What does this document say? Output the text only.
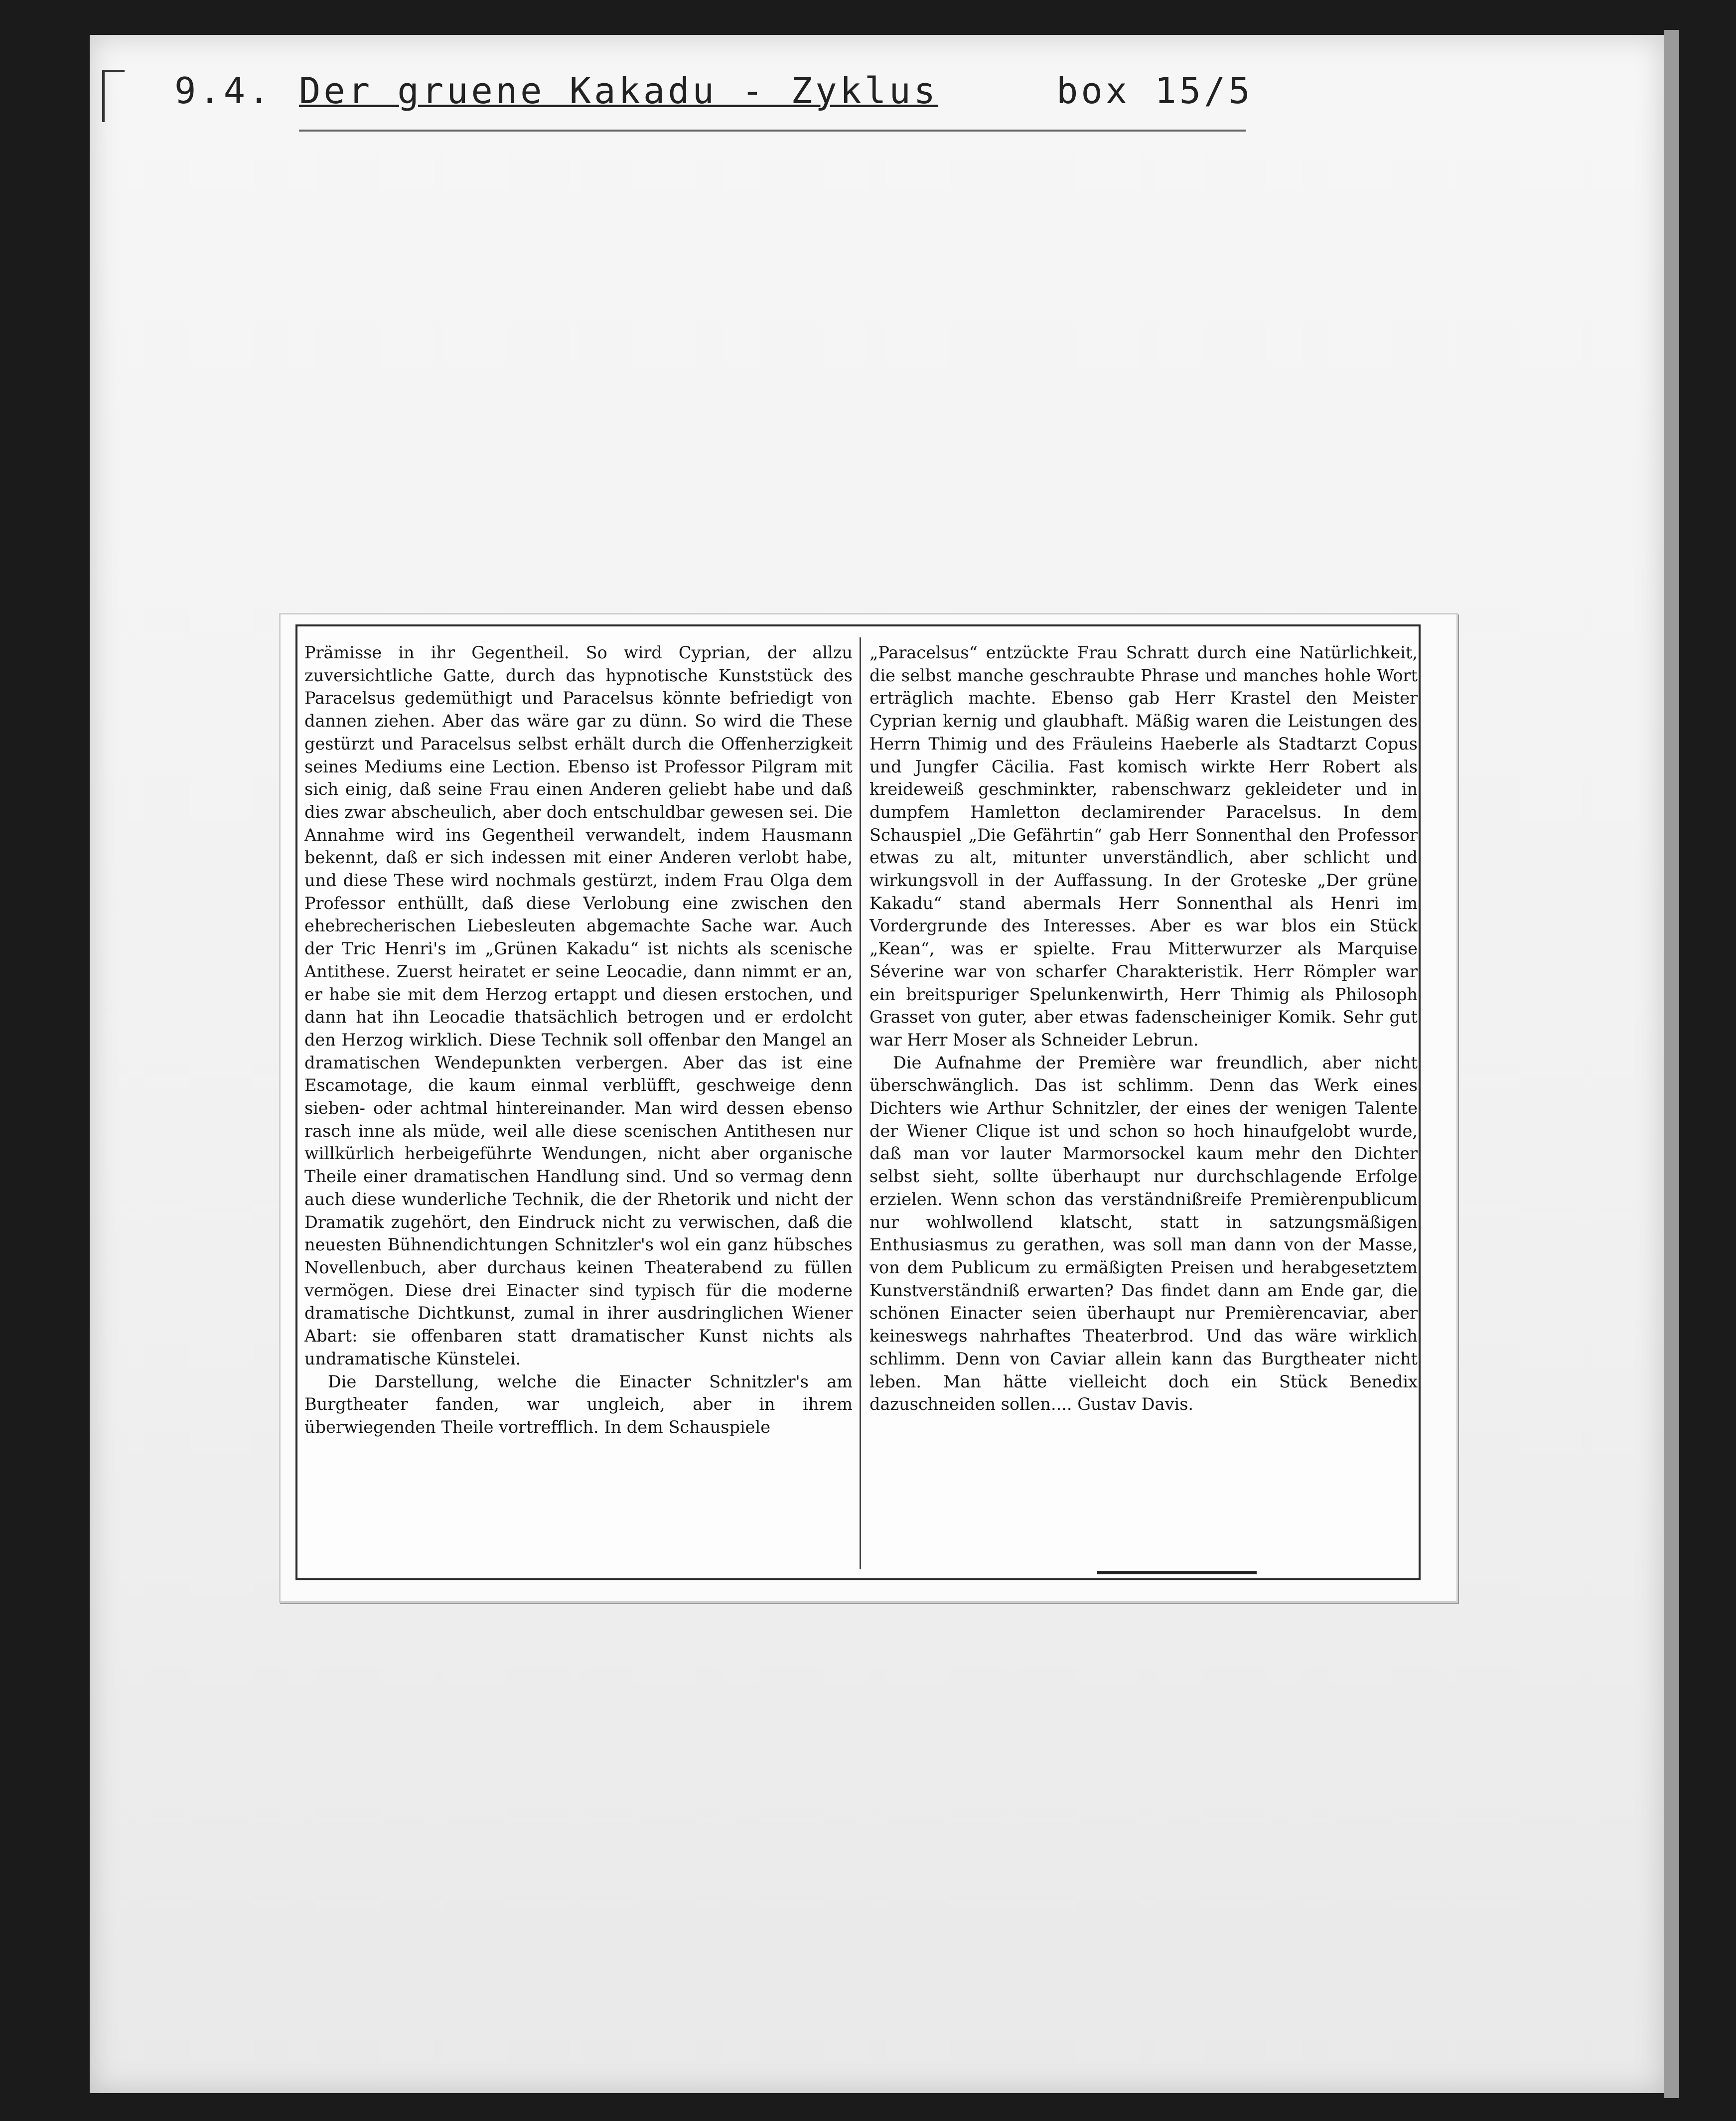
9.4. Der gruene Kakadu - Zyklus	box 15/5

Prämisse in ihr Gegentheil. So wird Cyprian, der allzu zuversichtliche Gatte, durch das hypnotische Kunststück des Paracelsus gedemüthigt und Paracelsus könnte befriedigt von dannen ziehen. Aber das wäre gar zu dünn. So wird die These gestürzt und Paracelsus selbst erhält durch die Offenherzigkeit seines Mediums eine Lection. Ebenso ist Professor Pilgram mit sich einig, daß seine Frau einen Anderen geliebt habe und daß dies zwar abscheulich, aber doch entschuldbar gewesen sei. Die Annahme wird ins Gegentheil verwandelt, indem Hausmann bekennt, daß er sich indessen mit einer Anderen verlobt habe, und diese These wird nochmals gestürzt, indem Frau Olga dem Professor enthüllt, daß diese Verlobung eine zwischen den ehebrecherischen Liebesleuten abgemachte Sache war. Auch der Tric Henri's im „Grünen Kakadu“ ist nichts als scenische Antithese. Zuerst heiratet er seine Leocadie, dann nimmt er an, er habe sie mit dem Herzog ertappt und diesen erstochen, und dann hat ihn Leocadie thatsächlich betrogen und er erdolcht den Herzog wirklich. Diese Technik soll offenbar den Mangel an dramatischen Wendepunkten verbergen. Aber das ist eine Escamotage, die kaum einmal verblüfft, geschweige denn sieben- oder achtmal hintereinander. Man wird dessen ebenso rasch inne als müde, weil alle diese scenischen Antithesen nur willkürlich herbeigeführte Wendungen, nicht aber organische Theile einer dramatischen Handlung sind. Und so vermag denn auch diese wunderliche Technik, die der Rhetorik und nicht der Dramatik zugehört, den Eindruck nicht zu verwischen, daß die neuesten Bühnendichtungen Schnitzler's wol ein ganz hübsches Novellenbuch, aber durchaus keinen Theaterabend zu füllen vermögen. Diese drei Einacter sind typisch für die moderne dramatische Dichtkunst, zumal in ihrer ausdringlichen Wiener Abart: sie offenbaren statt dramatischer Kunst nichts als undramatische Künstelei.

Die Darstellung, welche die Einacter Schnitzler's am Burgtheater fanden, war ungleich, aber in ihrem überwiegenden Theile vortrefflich. In dem Schauspiele

„Paracelsus“ entzückte Frau Schratt durch eine Natürlichkeit, die selbst manche geschraubte Phrase und manches hohle Wort erträglich machte. Ebenso gab Herr Krastel den Meister Cyprian kernig und glaubhaft. Mäßig waren die Leistungen des Herrn Thimig und des Fräuleins Haeberle als Stadtarzt Copus und Jungfer Cäcilia. Fast komisch wirkte Herr Robert als kreideweiß geschminkter, rabenschwarz gekleideter und in dumpfem Hamletton declamirender Paracelsus. In dem Schauspiel „Die Gefährtin“ gab Herr Sonnenthal den Professor etwas zu alt, mitunter unverständlich, aber schlicht und wirkungsvoll in der Auffassung. In der Groteske „Der grüne Kakadu“ stand abermals Herr Sonnenthal als Henri im Vordergrunde des Interesses. Aber es war blos ein Stück „Kean“, was er spielte. Frau Mitterwurzer als Marquise Séverine war von scharfer Charakteristik. Herr Römpler war ein breitspuriger Spelunkenwirth, Herr Thimig als Philosoph Grasset von guter, aber etwas fadenscheiniger Komik. Sehr gut war Herr Moser als Schneider Lebrun.

Die Aufnahme der Première war freundlich, aber nicht überschwänglich. Das ist schlimm. Denn das Werk eines Dichters wie Arthur Schnitzler, der eines der wenigen Talente der Wiener Clique ist und schon so hoch hinaufgelobt wurde, daß man vor lauter Marmorsockel kaum mehr den Dichter selbst sieht, sollte überhaupt nur durchschlagende Erfolge erzielen. Wenn schon das verständnißreife Premièrenpublicum nur wohlwollend klatscht, statt in satzungsmäßigen Enthusiasmus zu gerathen, was soll man dann von der Masse, von dem Publicum zu ermäßigten Preisen und herabgesetztem Kunstverständniß erwarten? Das findet dann am Ende gar, die schönen Einacter seien überhaupt nur Premièrencaviar, aber keineswegs nahrhaftes Theaterbrod. Und das wäre wirklich schlimm. Denn von Caviar allein kann das Burgtheater nicht leben. Man hätte vielleicht doch ein Stück Benedix dazuschneiden sollen.... Gustav Davis.
